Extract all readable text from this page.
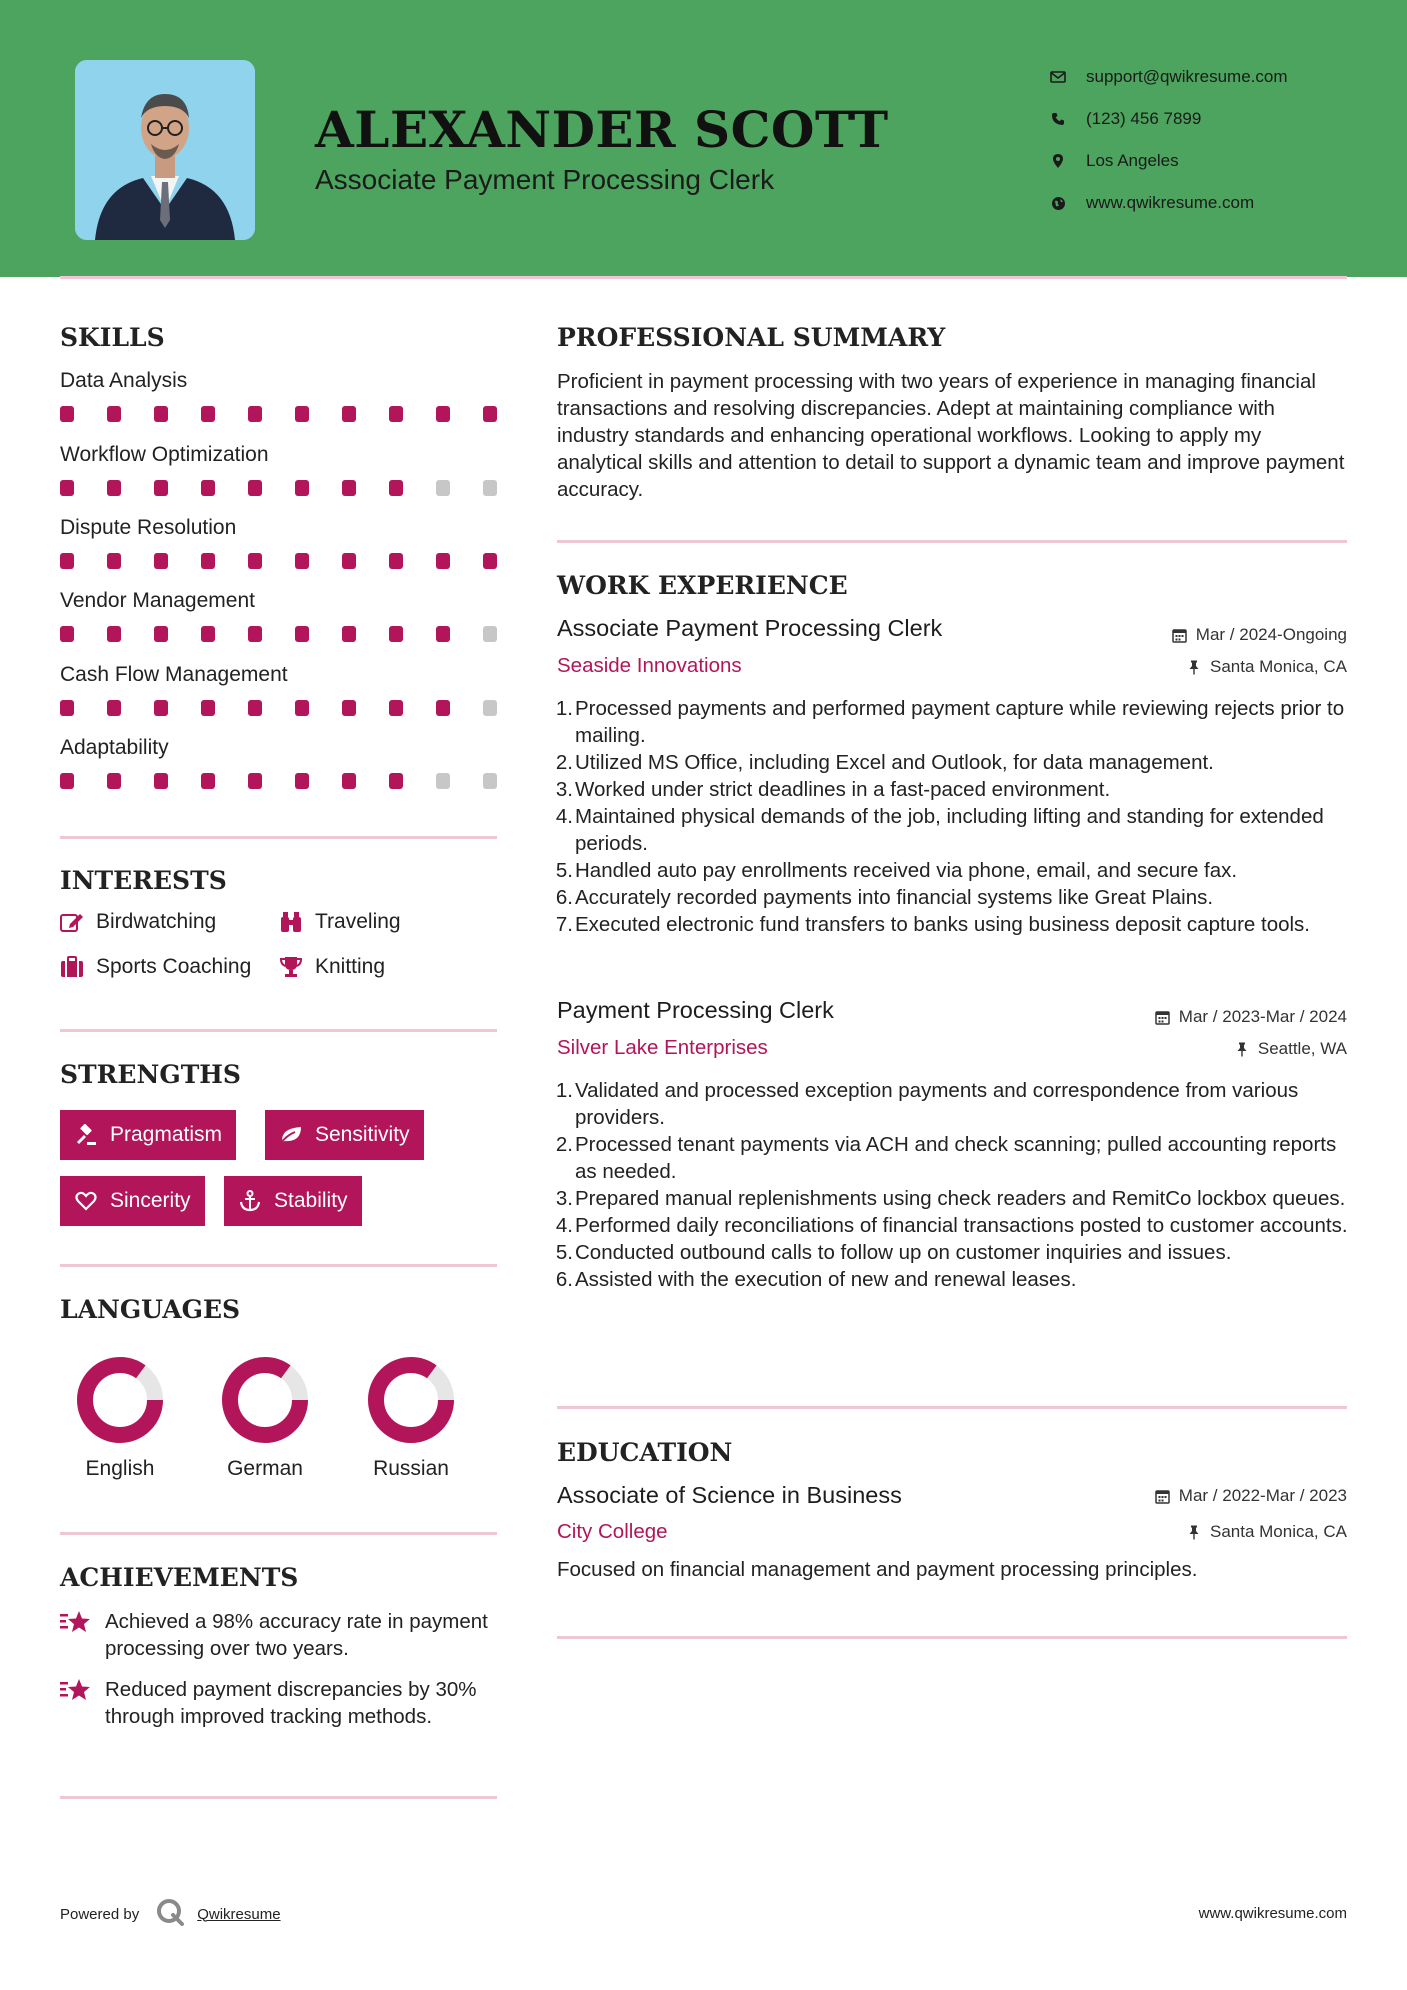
ALEXANDER SCOTT
Associate Payment Processing Clerk
support@qwikresume.com
(123) 456 7899
Los Angeles
www.qwikresume.com
SKILLS
Data Analysis
Workflow Optimization
Dispute Resolution
Vendor Management
Cash Flow Management
Adaptability
INTERESTS
Birdwatching	Traveling
Sports Coaching	Knitting
STRENGTHS
Pragmatism	Sensitivity
Sincerity	Stability
LANGUAGES
English	German	Russian
ACHIEVEMENTS
Achieved a 98% accuracy rate in payment processing over two years.
Reduced payment discrepancies by 30% through improved tracking methods.
PROFESSIONAL SUMMARY
Proficient in payment processing with two years of experience in managing financial transactions and resolving discrepancies. Adept at maintaining compliance with industry standards and enhancing operational workflows. Looking to apply my analytical skills and attention to detail to support a dynamic team and improve payment accuracy.
WORK EXPERIENCE
Associate Payment Processing Clerk	Mar / 2024-Ongoing
Seaside Innovations	Santa Monica, CA
1. Processed payments and performed payment capture while reviewing rejects prior to mailing.
2. Utilized MS Office, including Excel and Outlook, for data management.
3. Worked under strict deadlines in a fast-paced environment.
4. Maintained physical demands of the job, including lifting and standing for extended periods.
5. Handled auto pay enrollments received via phone, email, and secure fax.
6. Accurately recorded payments into financial systems like Great Plains.
7. Executed electronic fund transfers to banks using business deposit capture tools.
Payment Processing Clerk	Mar / 2023-Mar / 2024
Silver Lake Enterprises	Seattle, WA
1. Validated and processed exception payments and correspondence from various providers.
2. Processed tenant payments via ACH and check scanning; pulled accounting reports as needed.
3. Prepared manual replenishments using check readers and RemitCo lockbox queues.
4. Performed daily reconciliations of financial transactions posted to customer accounts.
5. Conducted outbound calls to follow up on customer inquiries and issues.
6. Assisted with the execution of new and renewal leases.
EDUCATION
Associate of Science in Business	Mar / 2022-Mar / 2023
City College	Santa Monica, CA
Focused on financial management and payment processing principles.
Powered by	Qwikresume	www.qwikresume.com
